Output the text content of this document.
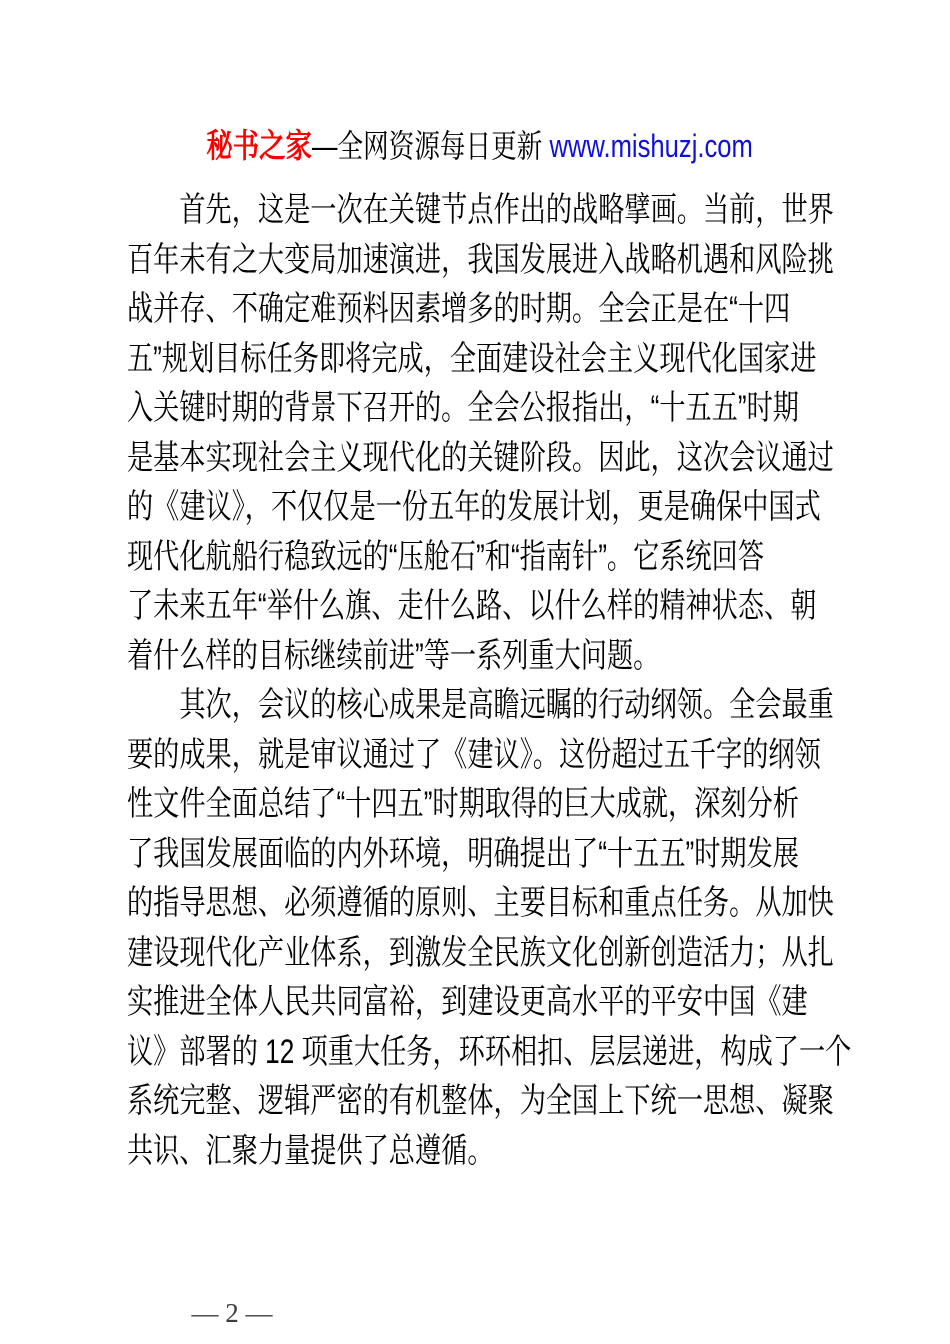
秘书之家—全网资源每日更新 www.mishuzj.com

首先，这是一次在关键节点作出的战略擘画。当前，世界
百年未有之大变局加速演进，我国发展进入战略机遇和风险挑
战并存、不确定难预料因素增多的时期。全会正是在“十四
五”规划目标任务即将完成，全面建设社会主义现代化国家进
入关键时期的背景下召开的。全会公报指出，“十五五”时期
是基本实现社会主义现代化的关键阶段。因此，这次会议通过
的《建议》，不仅仅是一份五年的发展计划，更是确保中国式
现代化航船行稳致远的“压舱石”和“指南针”。它系统回答
了未来五年“举什么旗、走什么路、以什么样的精神状态、朝
着什么样的目标继续前进”等一系列重大问题。
其次，会议的核心成果是高瞻远瞩的行动纲领。全会最重
要的成果，就是审议通过了《建议》。这份超过五千字的纲领
性文件全面总结了“十四五”时期取得的巨大成就，深刻分析
了我国发展面临的内外环境，明确提出了“十五五”时期发展
的指导思想、必须遵循的原则、主要目标和重点任务。从加快
建设现代化产业体系，到激发全民族文化创新创造活力；从扎
实推进全体人民共同富裕，到建设更高水平的平安中国《建
议》部署的 12 项重大任务，环环相扣、层层递进，构成了一个
系统完整、逻辑严密的有机整体，为全国上下统一思想、凝聚
共识、汇聚力量提供了总遵循。

— 2 —
